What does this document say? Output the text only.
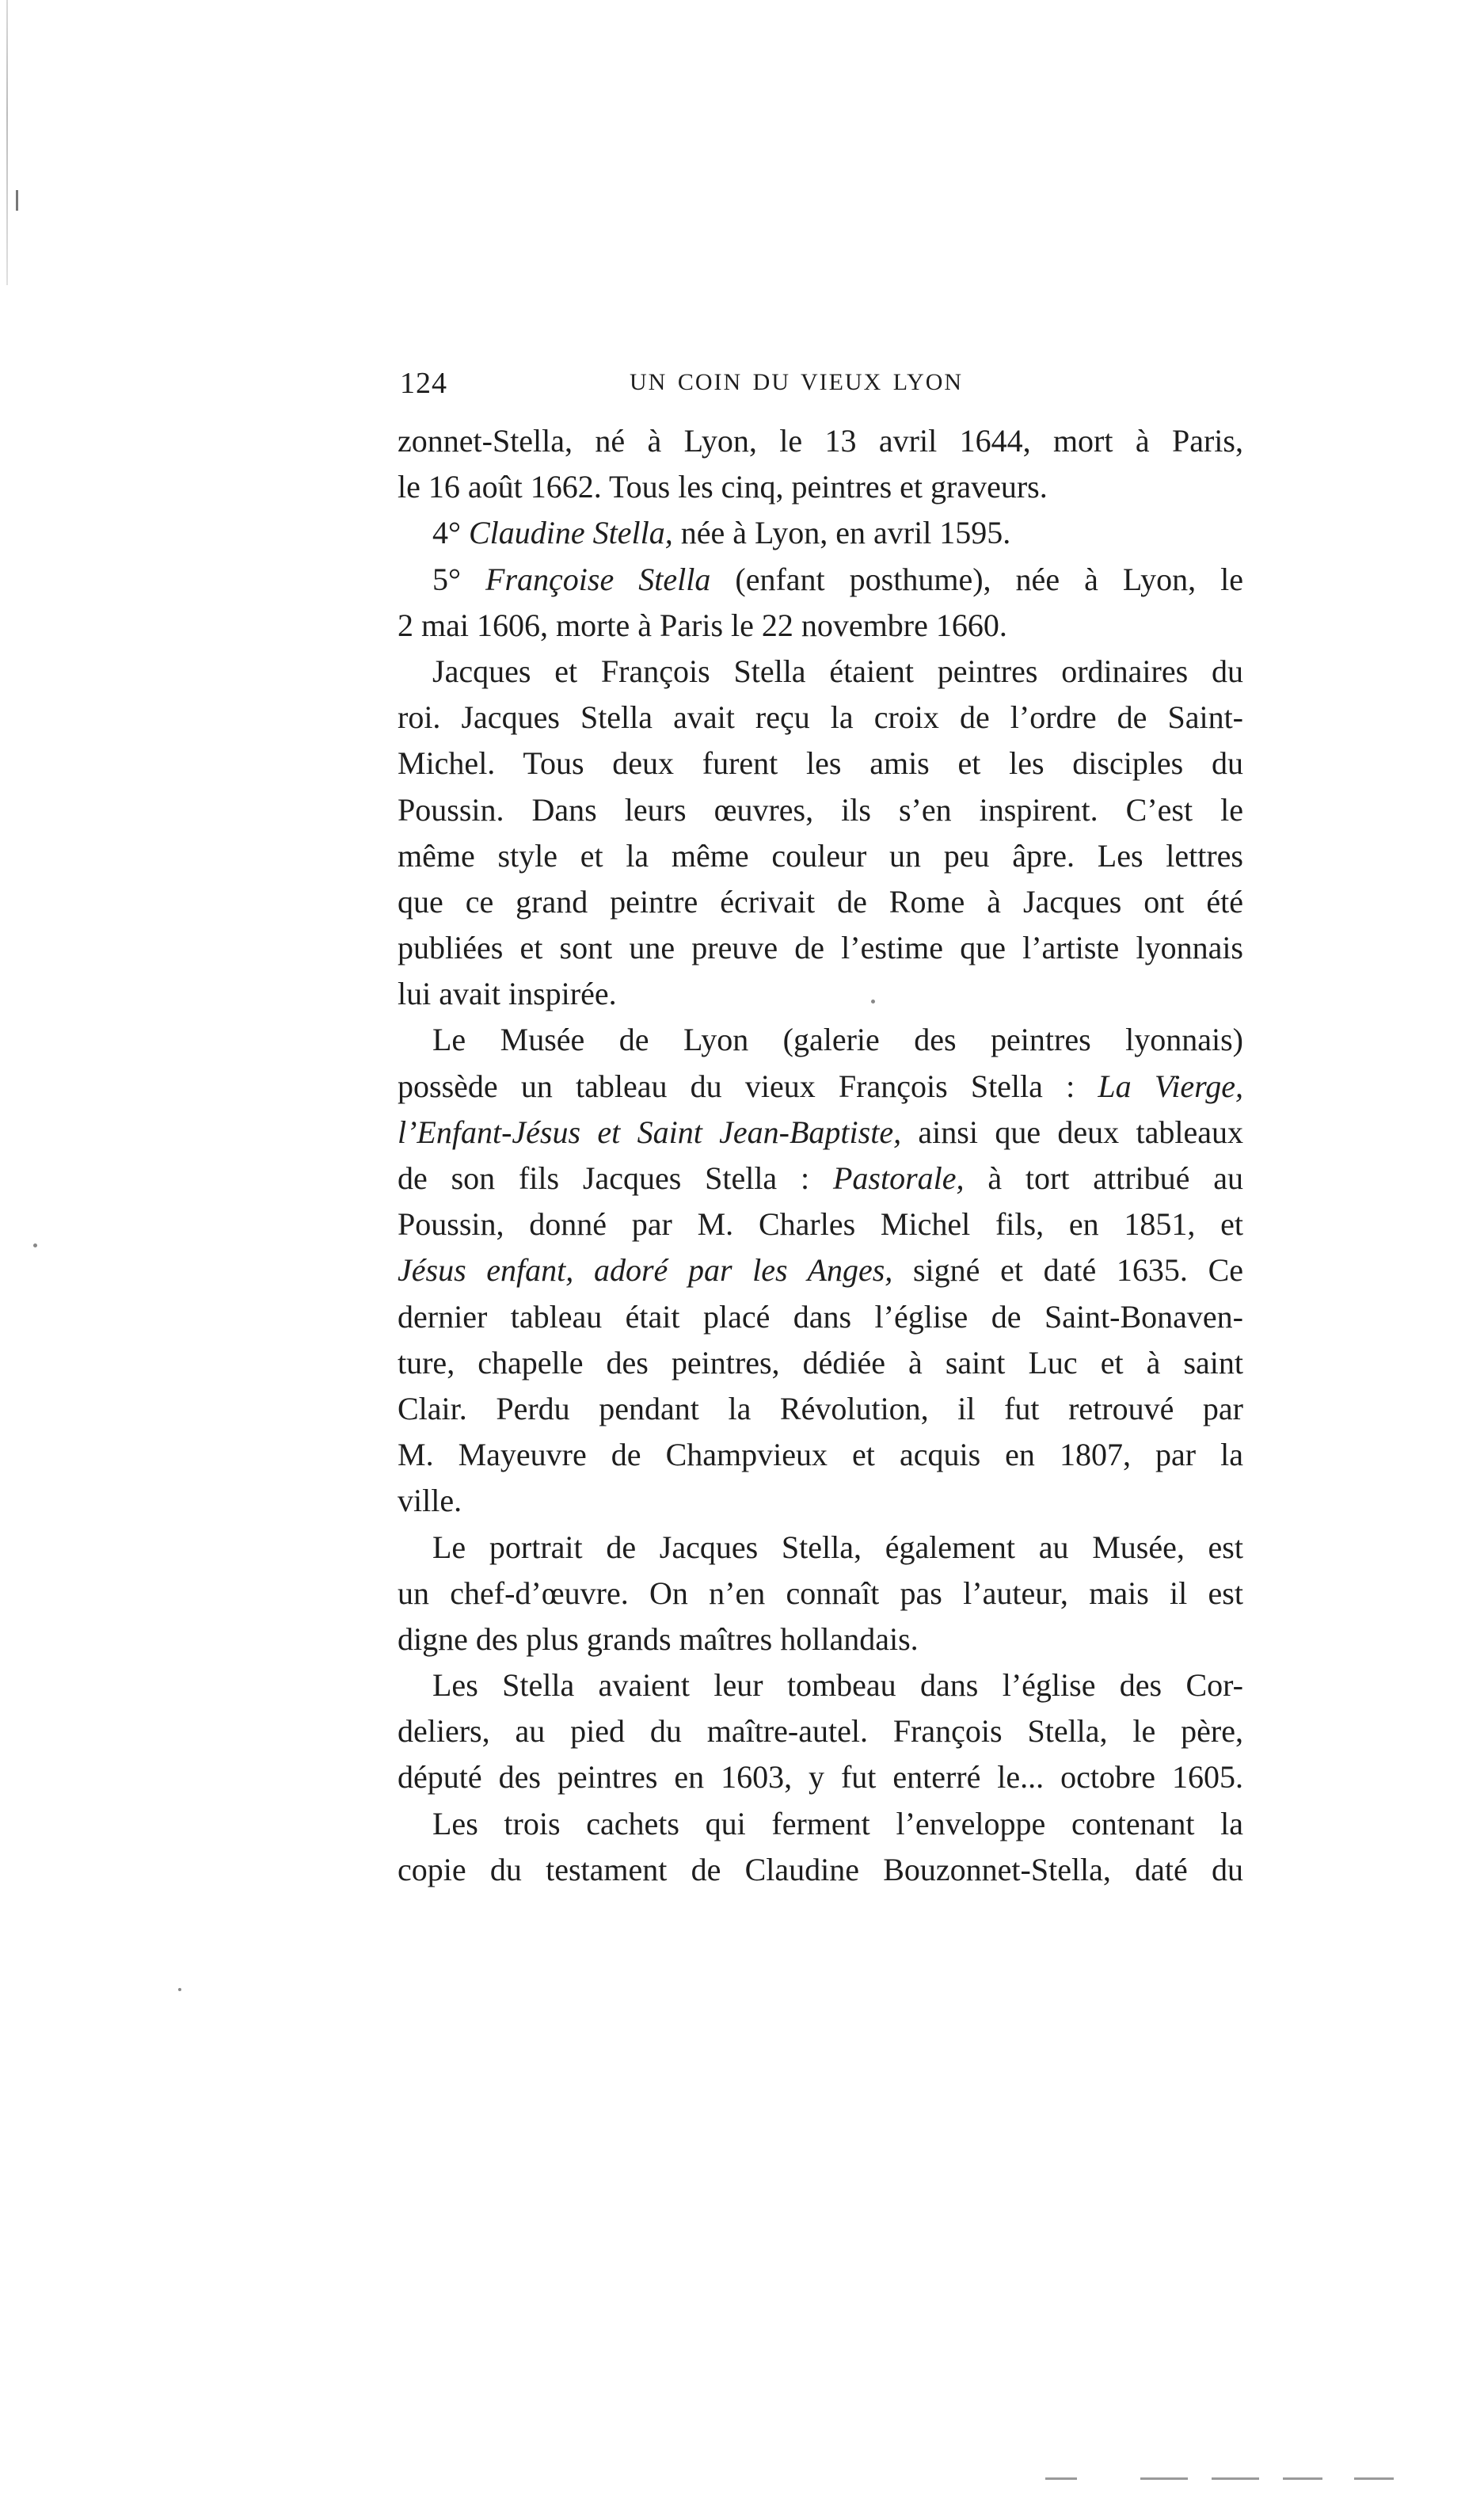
124	UN COIN DU VIEUX LYON
zonnet-Stella, né à Lyon, le 13 avril 1644, mort à Paris,
le 16 août 1662. Tous les cinq, peintres et graveurs.
4° Claudine Stella, née à Lyon, en avril 1595.
5° Françoise Stella (enfant posthume), née à Lyon, le
2 mai 1606, morte à Paris le 22 novembre 1660.
Jacques et François Stella étaient peintres ordinaires du
roi. Jacques Stella avait reçu la croix de l’ordre de Saint-
Michel. Tous deux furent les amis et les disciples du
Poussin. Dans leurs œuvres, ils s’en inspirent. C’est le
même style et la même couleur un peu âpre. Les lettres
que ce grand peintre écrivait de Rome à Jacques ont été
publiées et sont une preuve de l’estime que l’artiste lyonnais
lui avait inspirée.
Le Musée de Lyon (galerie des peintres lyonnais)
possède un tableau du vieux François Stella : La Vierge,
l’Enfant-Jésus et Saint Jean-Baptiste, ainsi que deux tableaux
de son fils Jacques Stella : Pastorale, à tort attribué au
Poussin, donné par M. Charles Michel fils, en 1851, et
Jésus enfant, adoré par les Anges, signé et daté 1635. Ce
dernier tableau était placé dans l’église de Saint-Bonaven-
ture, chapelle des peintres, dédiée à saint Luc et à saint
Clair. Perdu pendant la Révolution, il fut retrouvé par
M. Mayeuvre de Champvieux et acquis en 1807, par la
ville.
Le portrait de Jacques Stella, également au Musée, est
un chef-d’œuvre. On n’en connaît pas l’auteur, mais il est
digne des plus grands maîtres hollandais.
Les Stella avaient leur tombeau dans l’église des Cor-
deliers, au pied du maître-autel. François Stella, le père,
député des peintres en 1603, y fut enterré le... octobre 1605.
Les trois cachets qui ferment l’enveloppe contenant la
copie du testament de Claudine Bouzonnet-Stella, daté du
